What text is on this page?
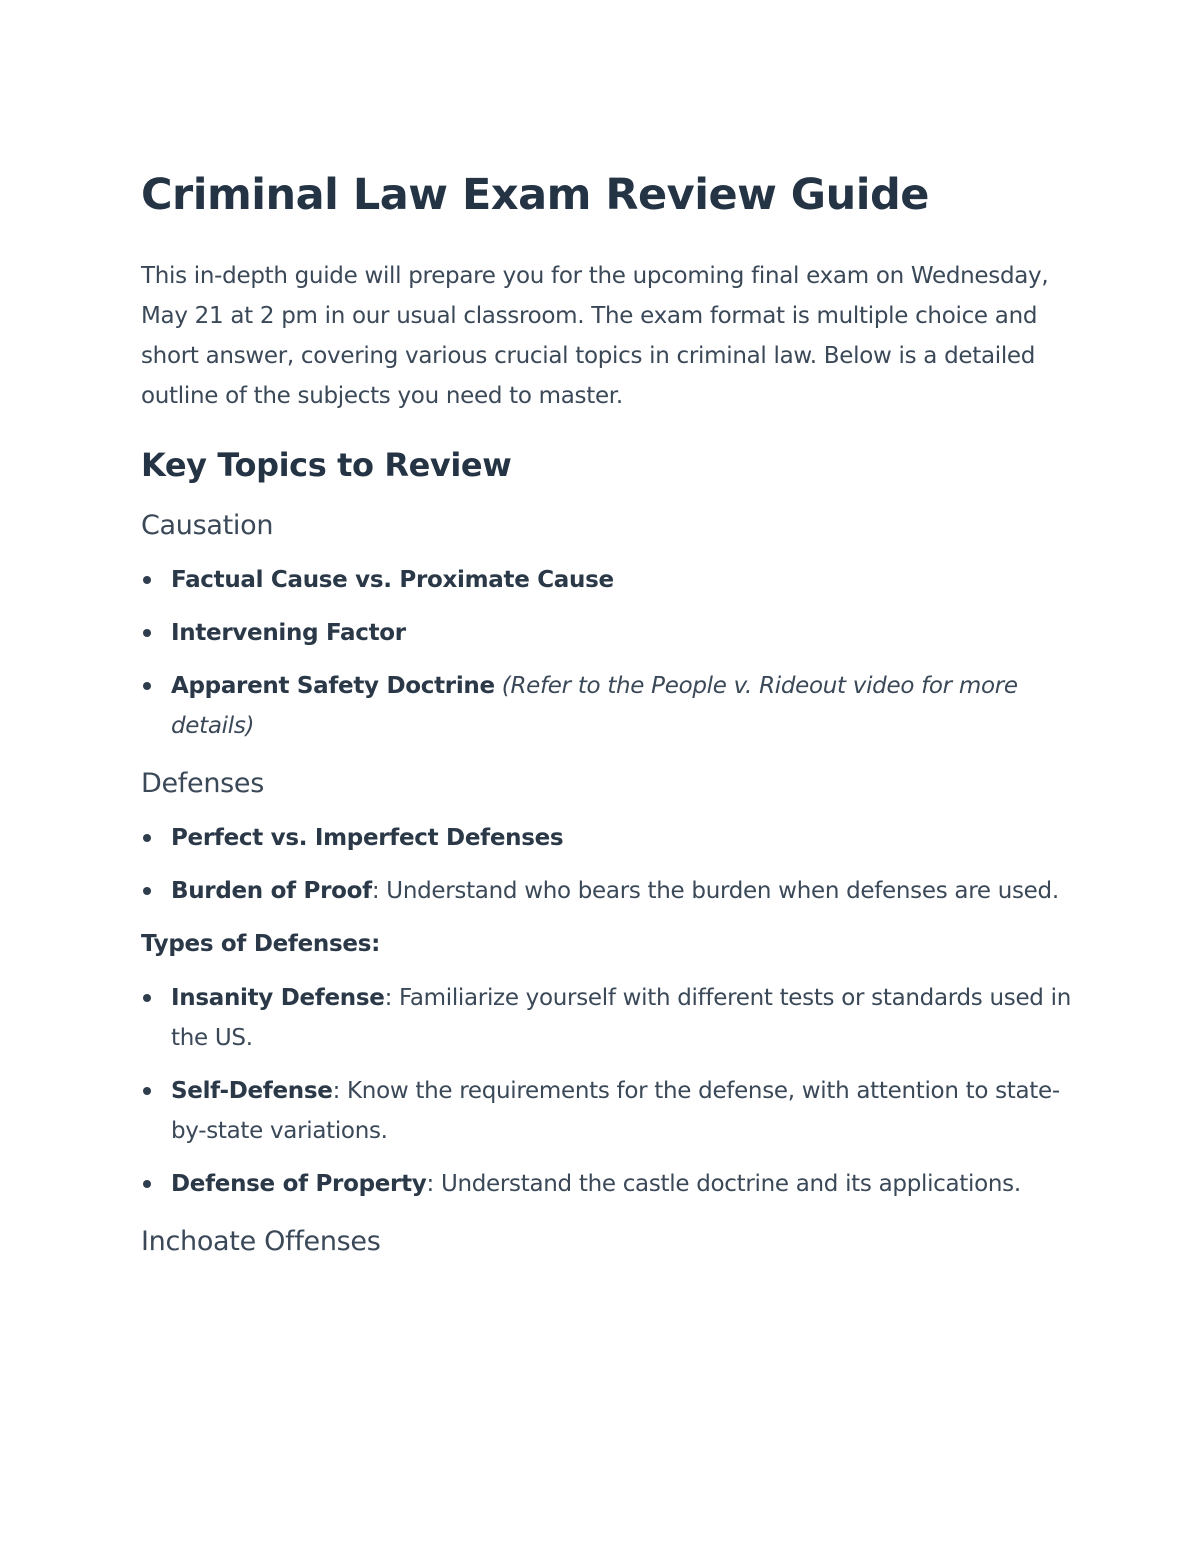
Criminal Law Exam Review Guide

This in-depth guide will prepare you for the upcoming final exam on Wednesday, May 21 at 2 pm in our usual classroom. The exam format is multiple choice and short answer, covering various crucial topics in criminal law. Below is a detailed outline of the subjects you need to master.

Key Topics to Review
Causation
Factual Cause vs. Proximate Cause
Intervening Factor
Apparent Safety Doctrine (Refer to the People v. Rideout video for more details)
Defenses
Perfect vs. Imperfect Defenses
Burden of Proof: Understand who bears the burden when defenses are used.

Types of Defenses:

Insanity Defense: Familiarize yourself with different tests or standards used in the US.
Self-Defense: Know the requirements for the defense, with attention to state-by-state variations.
Defense of Property: Understand the castle doctrine and its applications.
Inchoate Offenses
